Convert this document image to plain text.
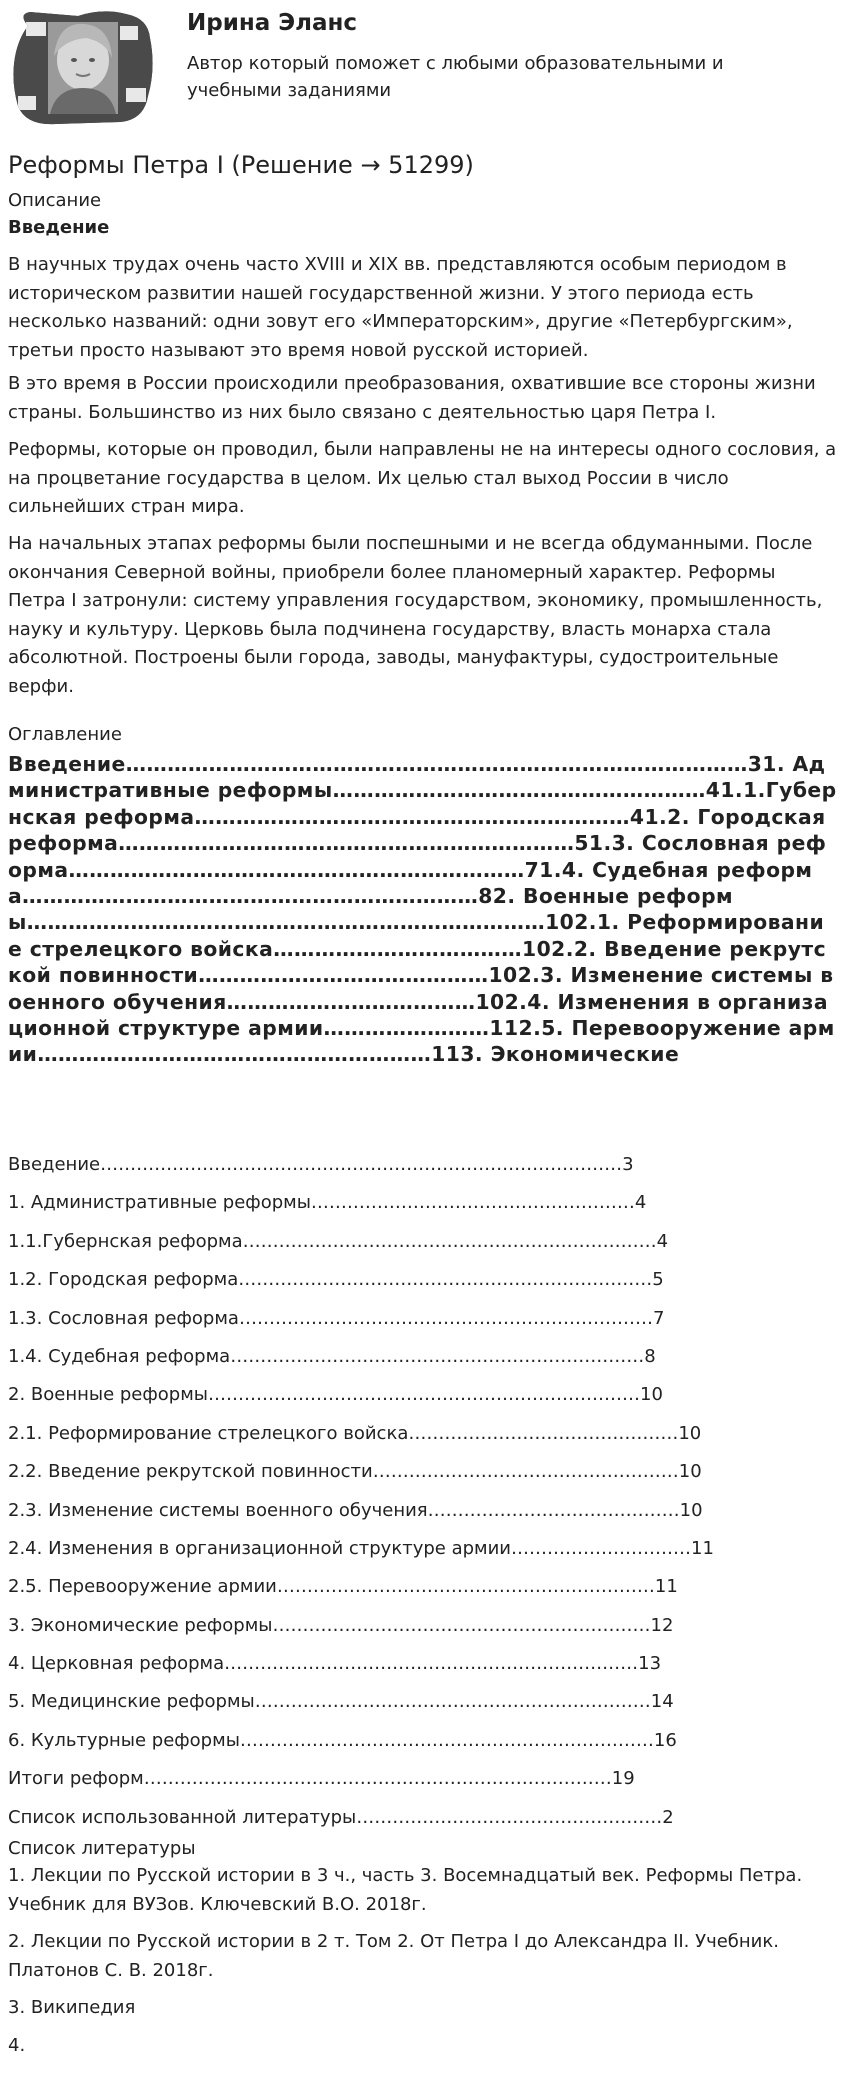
Ирина Эланс
Автор который поможет с любыми образовательными и учебными заданиями
Реформы Петра I (Решение → 51299)
Описание
Введение

В научных трудах очень часто XVIII и XIX вв. представляются особым периодом в историческом развитии нашей государственной жизни. У этого периода есть несколько названий: одни зовут его «Императорским», другие «Петербургским», третьи просто называют это время новой русской историей.

В это время в России происходили преобразования, охватившие все стороны жизни страны. Большинство из них было связано с деятельностью царя Петра I.

Реформы, которые он проводил, были направлены не на интересы одного сословия, а на процветание государства в целом. Их целью стал выход России в число сильнейших стран мира.

На начальных этапах реформы были поспешными и не всегда обдуманными. После окончания Северной войны, приобрели более планомерный характер. Реформы Петра I затронули: систему управления государством, экономику, промышленность, науку и культуру. Церковь была подчинена государству, власть монарха стала абсолютной. Построены были города, заводы, мануфактуры, судостроительные верфи.

Оглавление
Введение………………………………………………………………………………31. Административные реформы………………………………………………41.1.Губернская реформа………………………………………………………41.2. Городская реформа…………………………………………………………51.3. Сословная реформа…………………………………………………………71.4. Судебная реформа…………………………………………………………82. Военные реформы…………………………………………………………………102.1. Реформирование стрелецкого войска………………………………102.2. Введение рекрутской повинности……………………………………102.3. Изменение системы военного обучения………………………………102.4. Изменения в организационной структуре армии……………………112.5. Перевооружение армии…………………………………………………113. Экономические
Введение……………………………………………………………………………3
1. Административные реформы………………………………………………4
1.1.Губернская реформа……………………………………………………………4
1.2. Городская реформа……………………………………………………………5
1.3. Сословная реформа……………………………………………………………7
1.4. Судебная реформа……………………………………………………………8
2. Военные реформы………………………………………………………………10
2.1. Реформирование стрелецкого войска………………………………………10
2.2. Введение рекрутской повинности……………………………………………10
2.3. Изменение системы военного обучения……………………………………10
2.4. Изменения в организационной структуре армии…………………………11
2.5. Перевооружение армии………………………………………………………11
3. Экономические реформы………………………………………………………12
4. Церковная реформа……………………………………………………………13
5. Медицинские реформы…………………………………………………………14
6. Культурные реформы……………………………………………………………16
Итоги реформ……………………………………………………………………19
Список использованной литературы……………………………………………2
Список литературы
1. Лекции по Русской истории в 3 ч., часть 3. Восемнадцатый век. Реформы Петра. Учебник для ВУЗов. Ключевский В.О. 2018г.
2. Лекции по Русской истории в 2 т. Том 2. От Петра I до Александра II. Учебник. Платонов С. В. 2018г.
3. Википедия
4.
